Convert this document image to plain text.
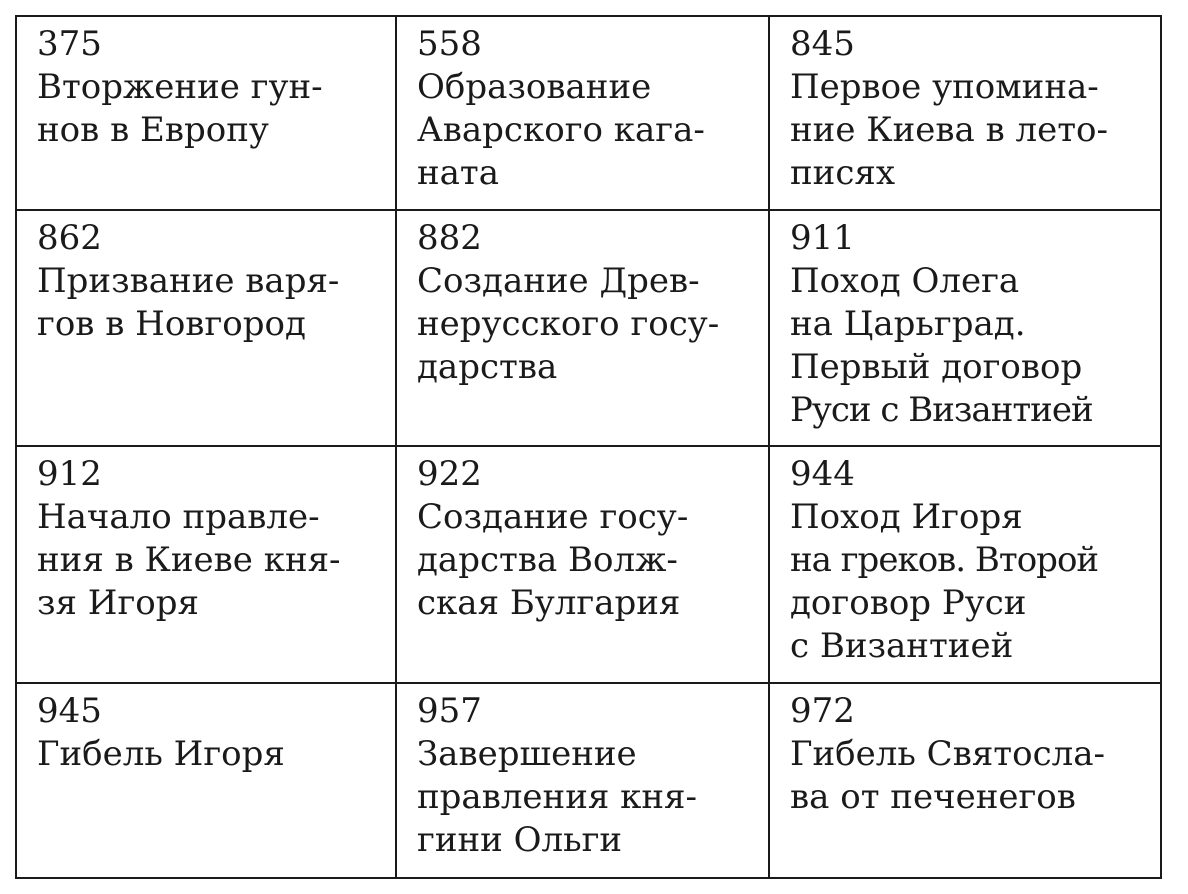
375
Вторжение гун-
нов в Европу	558
Образование
Аварского кага-
ната	845
Первое упомина-
ние Киева в лето-
писях

862
Призвание варя-
гов в Новгород	882
Создание Древ-
нерусского госу-
дарства	911
Поход Олега
на Царьград.
Первый договор
Руси с Византией

912
Начало правле-
ния в Киеве кня-
зя Игоря	922
Создание госу-
дарства Волж-
ская Булгария	944
Поход Игоря
на греков. Второй
договор Руси
с Византией

945
Гибель Игоря	957
Завершение
правления кня-
гини Ольги	972
Гибель Святосла-
ва от печенегов
